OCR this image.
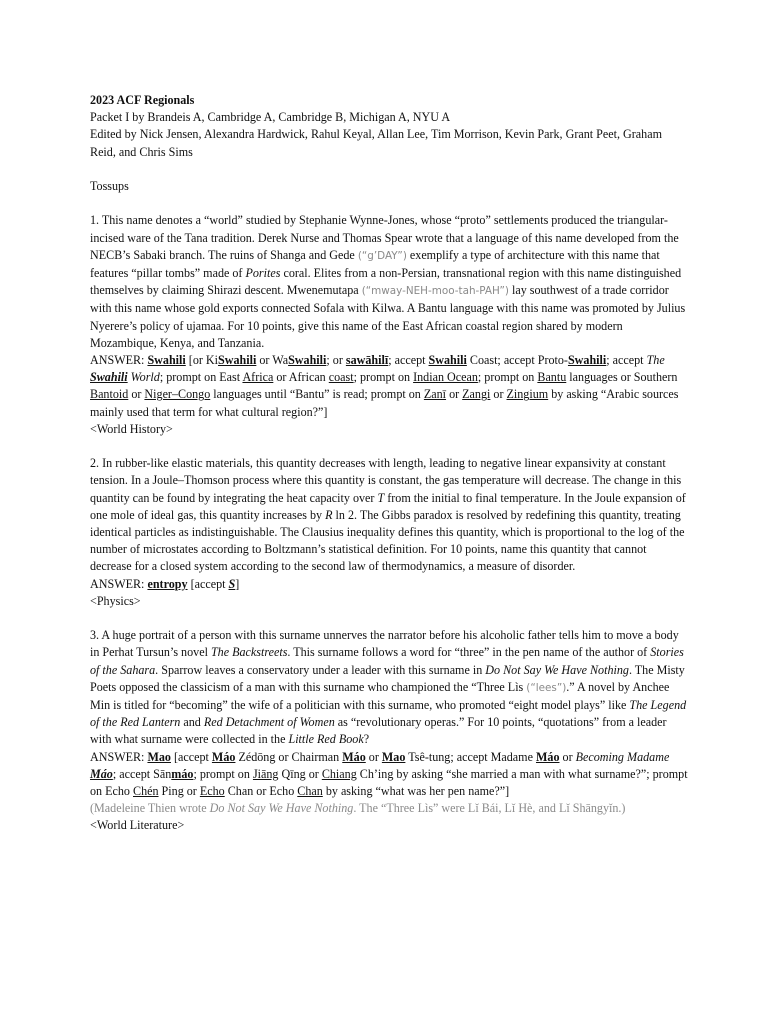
2023 ACF Regionals

Packet I by Brandeis A, Cambridge A, Cambridge B, Michigan A, NYU A

Edited by Nick Jensen, Alexandra Hardwick, Rahul Keyal, Allan Lee, Tim Morrison, Kevin Park, Grant Peet, Graham Reid, and Chris Sims

Tossups

1. This name denotes a “world” studied by Stephanie Wynne-Jones, whose “proto” settlements produced the triangular-incised ware of the Tana tradition. Derek Nurse and Thomas Spear wrote that a language of this name developed from the NECB’s Sabaki branch. The ruins of Shanga and Gede (“g’DAY”) exemplify a type of architecture with this name that features “pillar tombs” made of Porites coral. Elites from a non-Persian, transnational region with this name distinguished themselves by claiming Shirazi descent. Mwenemutapa (“mway-NEH-moo-tah-PAH”) lay southwest of a trade corridor with this name whose gold exports connected Sofala with Kilwa. A Bantu language with this name was promoted by Julius Nyerere’s policy of ujamaa. For 10 points, give this name of the East African coastal region shared by modern Mozambique, Kenya, and Tanzania.

ANSWER: Swahili [or KiSwahili or WaSwahili; or sawāhilī; accept Swahili Coast; accept Proto-Swahili; accept The Swahili World; prompt on East Africa or African coast; prompt on Indian Ocean; prompt on Bantu languages or Southern Bantoid or Niger–Congo languages until “Bantu” is read; prompt on Zanī or Zangi or Zingium by asking “Arabic sources mainly used that term for what cultural region?”]

<World History>

2. In rubber-like elastic materials, this quantity decreases with length, leading to negative linear expansivity at constant tension. In a Joule–Thomson process where this quantity is constant, the gas temperature will decrease. The change in this quantity can be found by integrating the heat capacity over T from the initial to final temperature. In the Joule expansion of one mole of ideal gas, this quantity increases by R ln 2. The Gibbs paradox is resolved by redefining this quantity, treating identical particles as indistinguishable. The Clausius inequality defines this quantity, which is proportional to the log of the number of microstates according to Boltzmann’s statistical definition. For 10 points, name this quantity that cannot decrease for a closed system according to the second law of thermodynamics, a measure of disorder.

ANSWER: entropy [accept S]

<Physics>

3. A huge portrait of a person with this surname unnerves the narrator before his alcoholic father tells him to move a body in Perhat Tursun’s novel The Backstreets. This surname follows a word for “three” in the pen name of the author of Stories of the Sahara. Sparrow leaves a conservatory under a leader with this surname in Do Not Say We Have Nothing. The Misty Poets opposed the classicism of a man with this surname who championed the “Three Lìs (“lees”).” A novel by Anchee Min is titled for “becoming” the wife of a politician with this surname, who promoted “eight model plays” like The Legend of the Red Lantern and Red Detachment of Women as “revolutionary operas.” For 10 points, “quotations” from a leader with what surname were collected in the Little Red Book?

ANSWER: Mao [accept Máo Zédōng or Chairman Máo or Mao Tsê-tung; accept Madame Máo or Becoming Madame Máo; accept Sānmáo; prompt on Jiāng Qīng or Chiang Ch’ing by asking “she married a man with what surname?”; prompt on Echo Chén Ping or Echo Chan or Echo Chan by asking “what was her pen name?”]

(Madeleine Thien wrote Do Not Say We Have Nothing. The “Three Lìs” were Lǐ Bái, Lǐ Hè, and Lǐ Shāngyǐn.)

<World Literature>
